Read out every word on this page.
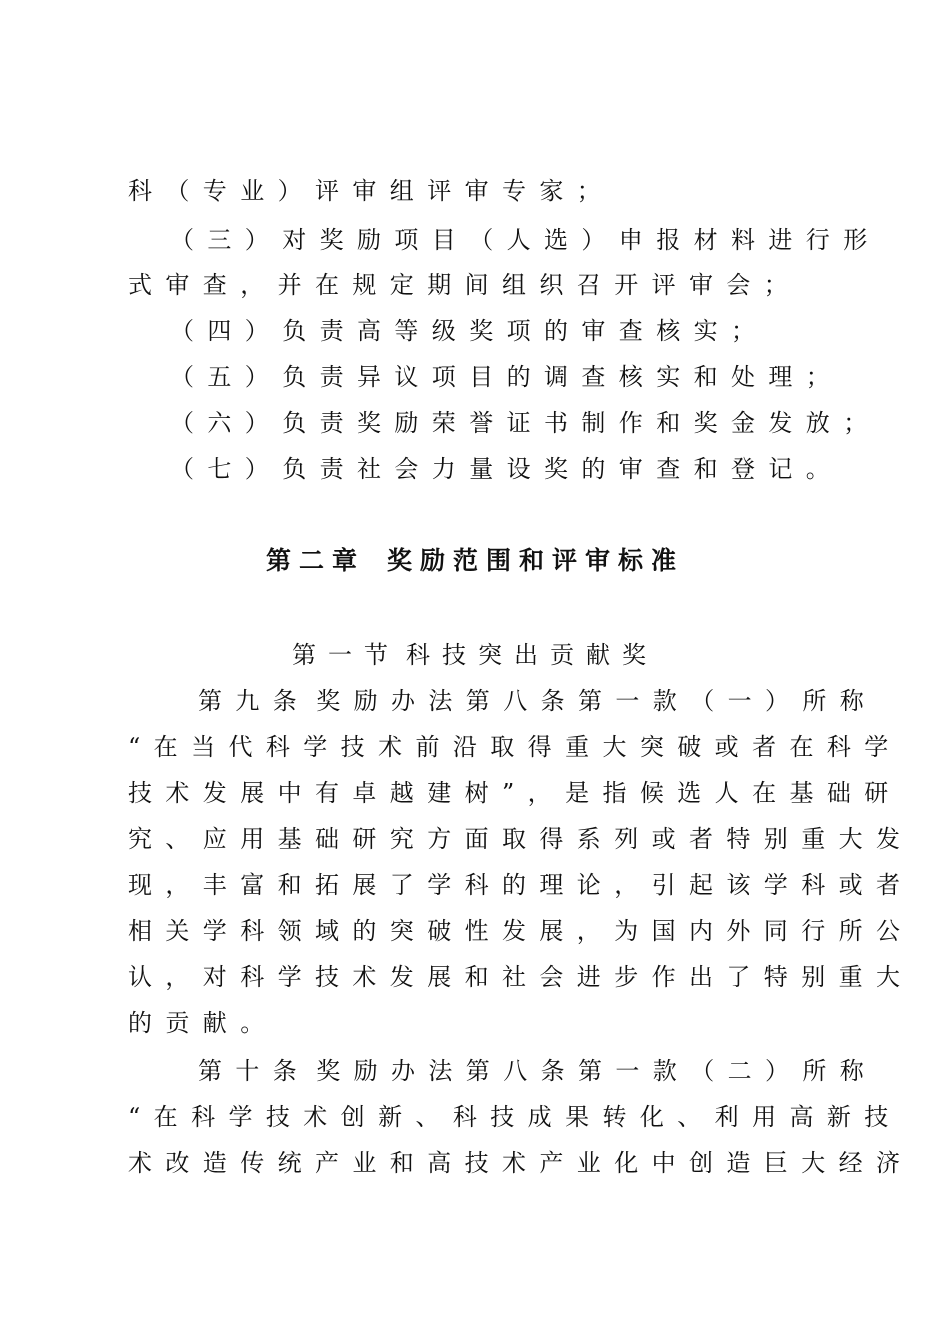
科（专业）评审组评审专家；
（三）对奖励项目（人选）申报材料进行形
式审查，并在规定期间组织召开评审会；
（四）负责高等级奖项的审查核实；
（五）负责异议项目的调查核实和处理；
（六）负责奖励荣誉证书制作和奖金发放；
（七）负责社会力量设奖的审查和登记。
第二章 奖励范围和评审标准
第一节 科技突出贡献奖
第九条 奖励办法第八条第一款（一）所称
“在当代科学技术前沿取得重大突破或者在科学
技术发展中有卓越建树”，是指候选人在基础研
究、应用基础研究方面取得系列或者特别重大发
现，丰富和拓展了学科的理论，引起该学科或者
相关学科领域的突破性发展，为国内外同行所公
认，对科学技术发展和社会进步作出了特别重大
的贡献。
第十条 奖励办法第八条第一款（二）所称
“在科学技术创新、科技成果转化、利用高新技
术改造传统产业和高技术产业化中创造巨大经济
